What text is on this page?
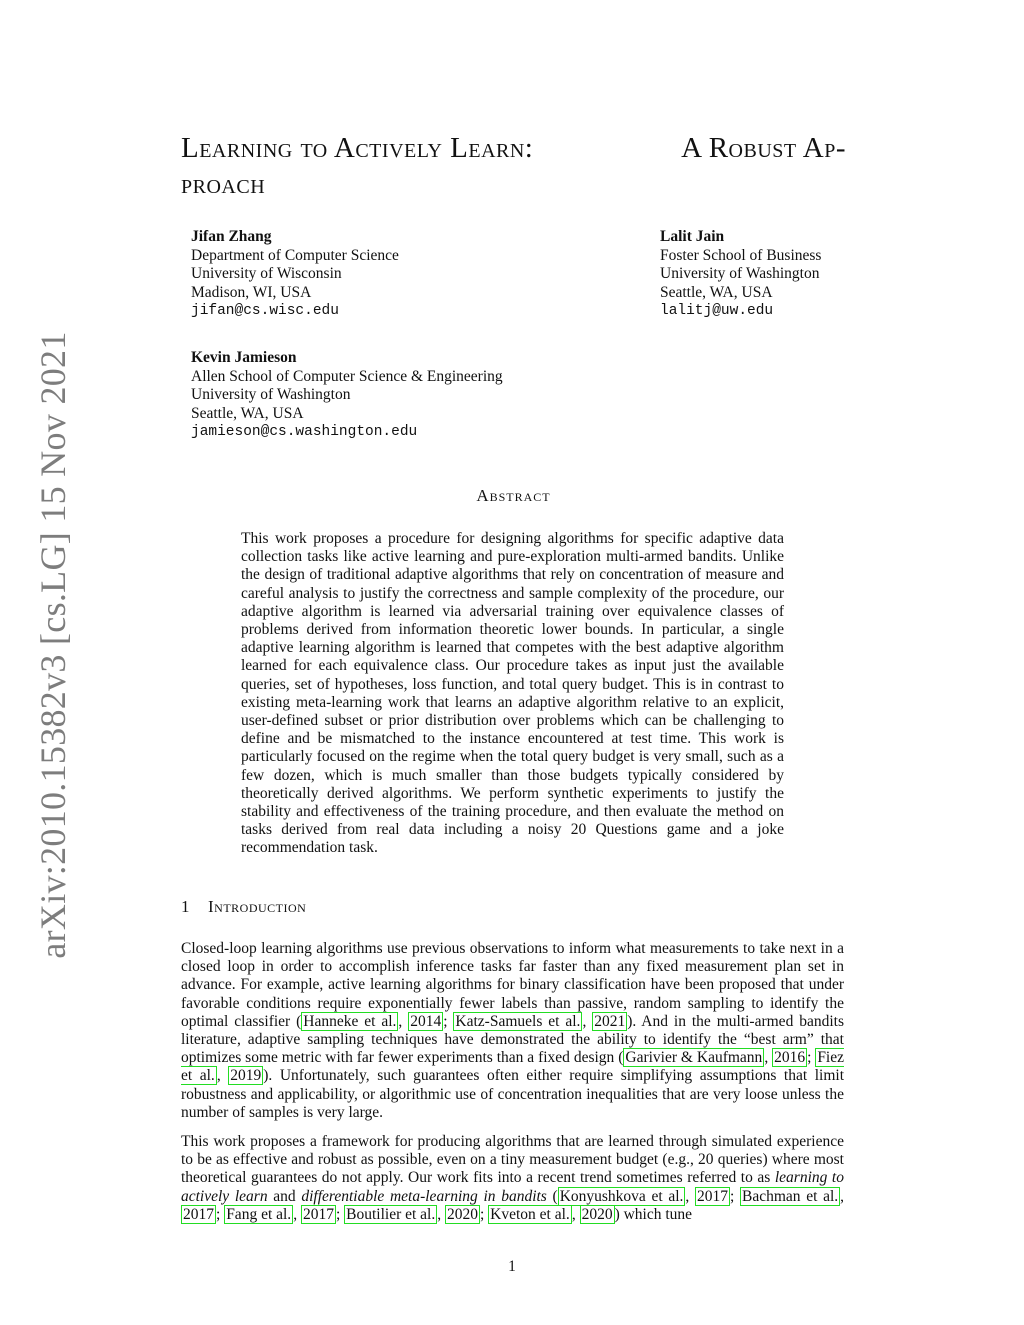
arXiv:2010.15382v3 [cs.LG] 15 Nov 2021
Learning to Actively Learn:	A Robust Ap-
proach
Jifan Zhang
Department of Computer Science
University of Wisconsin
Madison, WI, USA
jifan@cs.wisc.edu
Lalit Jain
Foster School of Business
University of Washington
Seattle, WA, USA
lalitj@uw.edu
Kevin Jamieson
Allen School of Computer Science & Engineering
University of Washington
Seattle, WA, USA
jamieson@cs.washington.edu
Abstract
This work proposes a procedure for designing algorithms for specific adaptive data collection tasks like active learning and pure-exploration multi-armed bandits. Unlike the design of traditional adaptive algorithms that rely on concentration of measure and careful analysis to justify the correctness and sample complexity of the procedure, our adaptive algorithm is learned via adversarial training over equivalence classes of problems derived from information theoretic lower bounds. In particular, a single adaptive learning algorithm is learned that competes with the best adaptive algorithm learned for each equivalence class. Our procedure takes as input just the available queries, set of hypotheses, loss function, and total query budget. This is in contrast to existing meta-learning work that learns an adaptive algorithm relative to an explicit, user-defined subset or prior distribution over problems which can be challenging to define and be mismatched to the instance encountered at test time. This work is particularly focused on the regime when the total query budget is very small, such as a few dozen, which is much smaller than those budgets typically considered by theoretically derived algorithms. We perform synthetic experiments to justify the stability and effectiveness of the training procedure, and then evaluate the method on tasks derived from real data including a noisy 20 Questions game and a joke recommendation task.
1 Introduction
Closed-loop learning algorithms use previous observations to inform what measurements to take next in a closed loop in order to accomplish inference tasks far faster than any fixed measurement plan set in advance. For example, active learning algorithms for binary classification have been proposed that under favorable conditions require exponentially fewer labels than passive, random sampling to identify the optimal classifier ( Hanneke et al. , 2014 ; Katz-Samuels et al. , 2021 ). And in the multi-armed bandits literature, adaptive sampling techniques have demonstrated the ability to identify the “best arm” that optimizes some metric with far fewer experiments than a fixed design ( Garivier & Kaufmann , 2016 ; Fiez et al. , 2019 ). Unfortunately, such guarantees often either require simplifying assumptions that limit robustness and applicability, or algorithmic use of concentration inequalities that are very loose unless the number of samples is very large.
This work proposes a framework for producing algorithms that are learned through simulated experience to be as effective and robust as possible, even on a tiny measurement budget (e.g., 20 queries) where most theoretical guarantees do not apply. Our work fits into a recent trend sometimes referred to as learning to actively learn and differentiable meta-learning in bandits ( Konyushkova et al. , 2017 ; Bachman et al. , 2017 ; Fang et al. , 2017 ; Boutilier et al. , 2020 ; Kveton et al. , 2020 ) which tune
1
